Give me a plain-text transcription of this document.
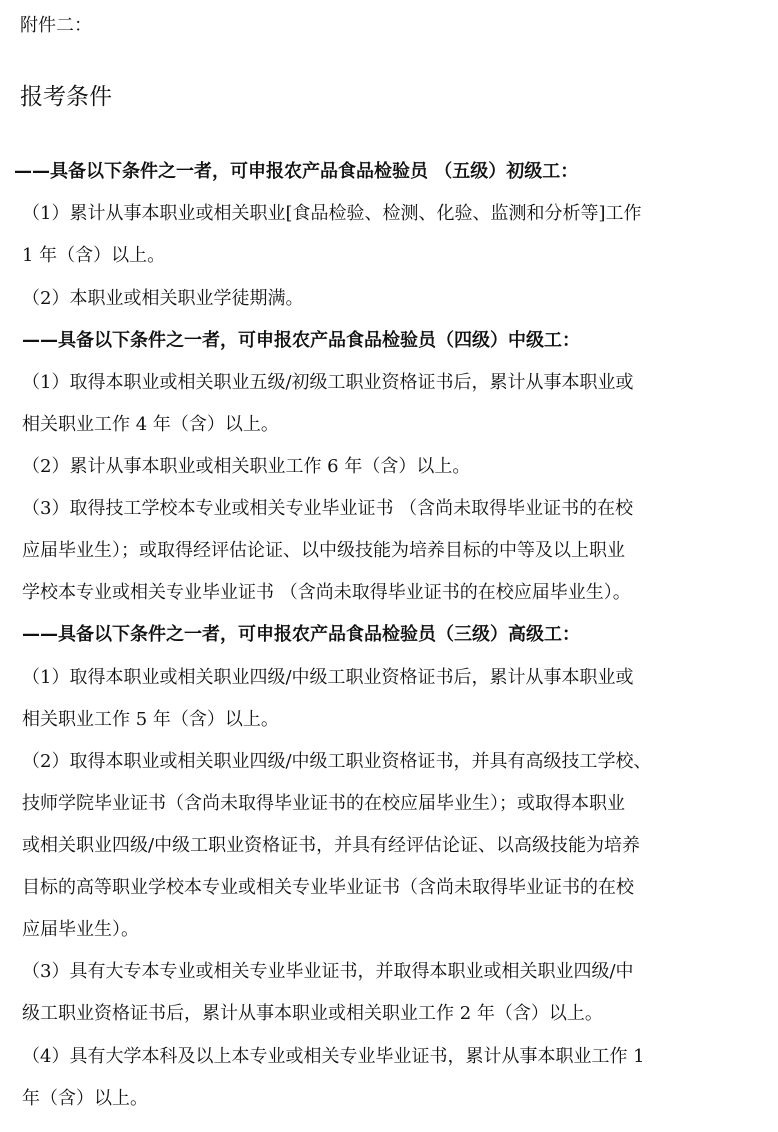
附件二：
报考条件
——具备以下条件之一者，可申报农产品食品检验员 （五级）初级工：
（1）累计从事本职业或相关职业[食品检验、检测、化验、监测和分析等]工作
1 年（含）以上。
（2）本职业或相关职业学徒期满。
——具备以下条件之一者，可申报农产品食品检验员（四级）中级工：
（1）取得本职业或相关职业五级/初级工职业资格证书后，累计从事本职业或
相关职业工作 4 年（含）以上。
（2）累计从事本职业或相关职业工作 6 年（含）以上。
（3）取得技工学校本专业或相关专业毕业证书 （含尚未取得毕业证书的在校
应届毕业生）；或取得经评估论证、以中级技能为培养目标的中等及以上职业
学校本专业或相关专业毕业证书 （含尚未取得毕业证书的在校应届毕业生）。
——具备以下条件之一者，可申报农产品食品检验员（三级）高级工：
（1）取得本职业或相关职业四级/中级工职业资格证书后，累计从事本职业或
相关职业工作 5 年（含）以上。
（2）取得本职业或相关职业四级/中级工职业资格证书，并具有高级技工学校、
技师学院毕业证书（含尚未取得毕业证书的在校应届毕业生）；或取得本职业
或相关职业四级/中级工职业资格证书，并具有经评估论证、以高级技能为培养
目标的高等职业学校本专业或相关专业毕业证书（含尚未取得毕业证书的在校
应届毕业生）。
（3）具有大专本专业或相关专业毕业证书，并取得本职业或相关职业四级/中
级工职业资格证书后，累计从事本职业或相关职业工作 2 年（含）以上。
（4）具有大学本科及以上本专业或相关专业毕业证书，累计从事本职业工作 1
年（含）以上。
